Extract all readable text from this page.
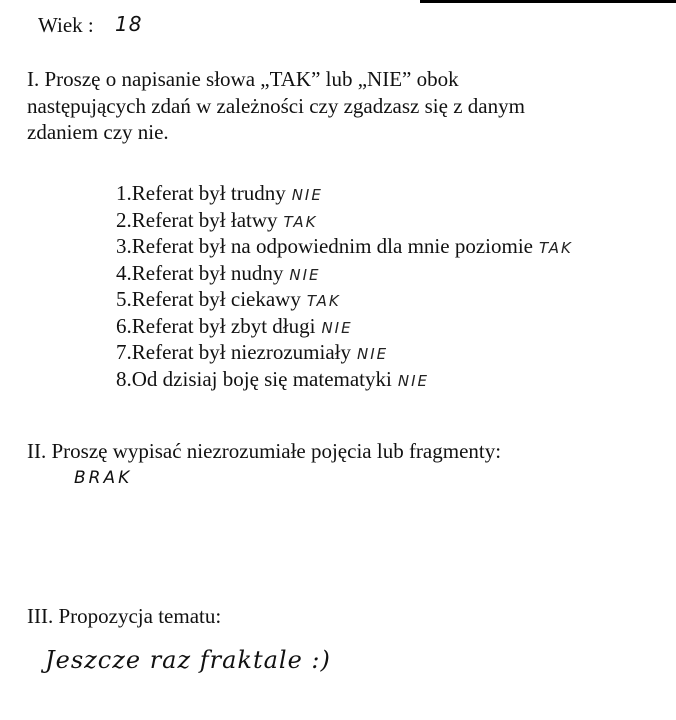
Wiek : 18
I. Proszę o napisanie słowa „TAK” lub „NIE” obok
następujących zdań w zależności czy zgadzasz się z danym
zdaniem czy nie.
1.Referat był trudny NIE
2.Referat był łatwy TAK
3.Referat był na odpowiednim dla mnie poziomie TAK
4.Referat był nudny NIE
5.Referat był ciekawy TAK
6.Referat był zbyt długi NIE
7.Referat był niezrozumiały NIE
8.Od dzisiaj boję się matematyki NIE
II. Proszę wypisać niezrozumiałe pojęcia lub fragmenty:
BRAK
III. Propozycja tematu:
Jeszcze raz fraktale :)
